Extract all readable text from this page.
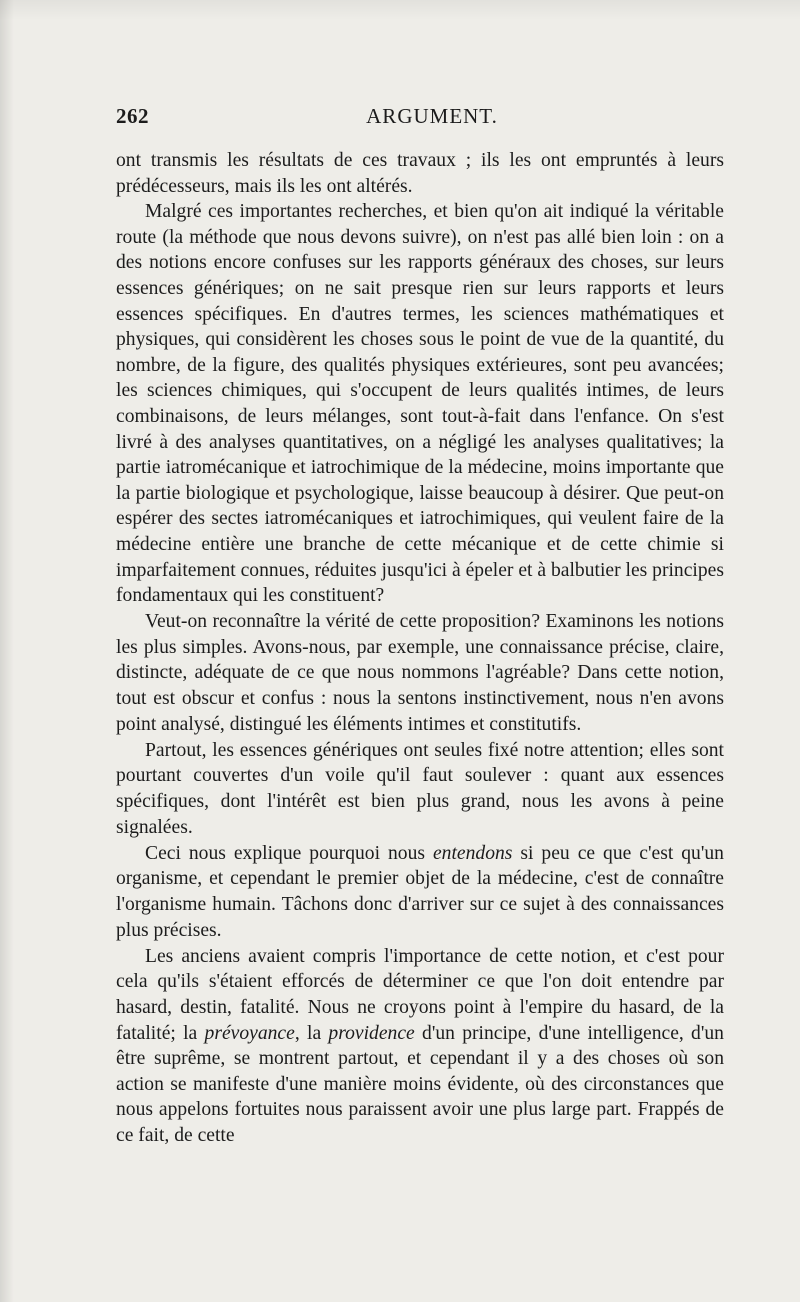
262	ARGUMENT.

ont transmis les résultats de ces travaux ; ils les ont empruntés à leurs prédécesseurs, mais ils les ont altérés.

Malgré ces importantes recherches, et bien qu'on ait indiqué la véritable route (la méthode que nous devons suivre), on n'est pas allé bien loin : on a des notions encore confuses sur les rapports généraux des choses, sur leurs essences génériques; on ne sait presque rien sur leurs rapports et leurs essences spécifiques. En d'autres termes, les sciences mathématiques et physiques, qui considèrent les choses sous le point de vue de la quantité, du nombre, de la figure, des qualités physiques extérieures, sont peu avancées; les sciences chimiques, qui s'occupent de leurs qualités intimes, de leurs combinaisons, de leurs mélanges, sont tout-à-fait dans l'enfance. On s'est livré à des analyses quantitatives, on a négligé les analyses qualitatives; la partie iatromécanique et iatrochimique de la médecine, moins importante que la partie biologique et psychologique, laisse beaucoup à désirer. Que peut-on espérer des sectes iatromécaniques et iatrochimiques, qui veulent faire de la médecine entière une branche de cette mécanique et de cette chimie si imparfaitement connues, réduites jusqu'ici à épeler et à balbutier les principes fondamentaux qui les constituent?

Veut-on reconnaître la vérité de cette proposition? Examinons les notions les plus simples. Avons-nous, par exemple, une connaissance précise, claire, distincte, adéquate de ce que nous nommons l'agréable? Dans cette notion, tout est obscur et confus : nous la sentons instinctivement, nous n'en avons point analysé, distingué les éléments intimes et constitutifs.

Partout, les essences génériques ont seules fixé notre attention; elles sont pourtant couvertes d'un voile qu'il faut soulever : quant aux essences spécifiques, dont l'intérêt est bien plus grand, nous les avons à peine signalées.

Ceci nous explique pourquoi nous entendons si peu ce que c'est qu'un organisme, et cependant le premier objet de la médecine, c'est de connaître l'organisme humain. Tâchons donc d'arriver sur ce sujet à des connaissances plus précises.

Les anciens avaient compris l'importance de cette notion, et c'est pour cela qu'ils s'étaient efforcés de déterminer ce que l'on doit entendre par hasard, destin, fatalité. Nous ne croyons point à l'empire du hasard, de la fatalité; la prévoyance, la providence d'un principe, d'une intelligence, d'un être suprême, se montrent partout, et cependant il y a des choses où son action se manifeste d'une manière moins évidente, où des circonstances que nous appelons fortuites nous paraissent avoir une plus large part. Frappés de ce fait, de cette
